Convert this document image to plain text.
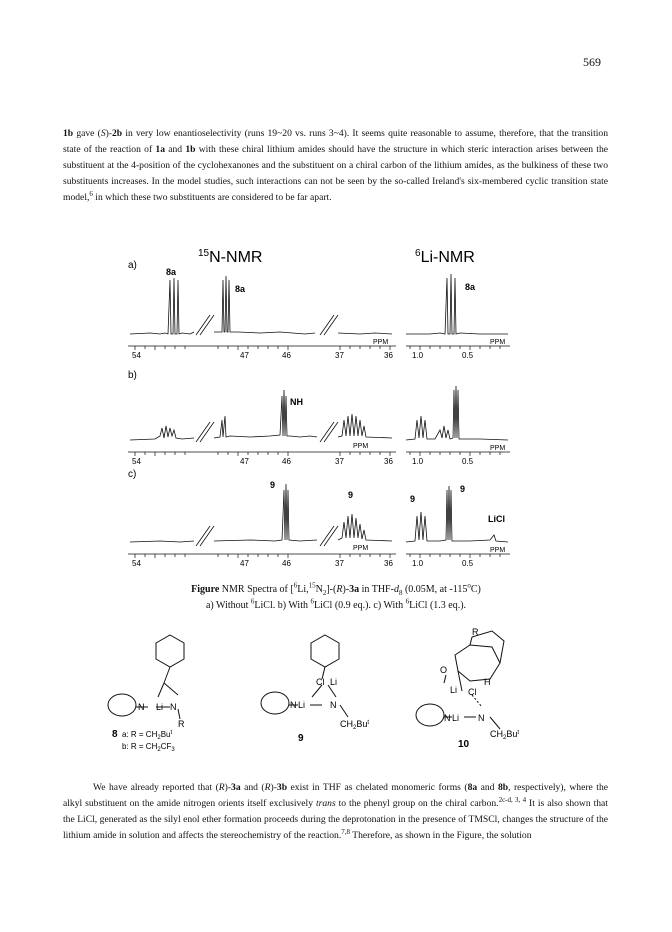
569

1b gave (S)-2b in very low enantioselectivity (runs 19~20 vs. runs 3~4). It seems quite reasonable to assume, therefore, that the transition state of the reaction of 1a and 1b with these chiral lithium amides should have the structure in which steric interaction arises between the substituent at the 4-position of the cyclohexanones and the substituent on a chiral carbon of the lithium amides, as the bulkiness of these two substituents increases. In the model studies, such interactions can not be seen by the so-called Ireland's six-membered cyclic transition state model,$^6$ in which these two substituents are considered to be far apart.

$^{15}$N-NMR	$^6$Li-NMR
a)
b)
c)
8a
8a	8a
PPM	PPM
54	47	46	37	36 1.0	0.5
NH
PPM	PPM
54	47	46	37	36 1.0	0.5
9
9	9
9
LiCl
PPM	PPM
54	47	46	37	36 1.0	0.5
Figure NMR Spectra of $[^6Li,^{15}N_2]-(R)-3a$ in THF-$d_8$ (0.05M, at -115$^o$C)
a) Without $^6$LiCl. b) With $^6$LiCl (0.9 eq.). c) With $^6$LiCl (1.3 eq.).
N Li N
R
Cl Li
N Li	N
$CH_2Bu^t$
R
O
Li Cl
H
N Li N
$CH_2Bu^t$
8 a: $R = CH_2Bu^t$
b: $R = CH_2CF_3$
9
10

We have already reported that (R)-3a and (R)-3b exist in THF as chelated monomeric forms (8a and 8b, respectively), where the alkyl substituent on the amide nitrogen orients itself exclusively trans to the phenyl group on the chiral carbon.$^{2c-d, 3, 4}$ It is also shown that the LiCl, generated as the silyl enol ether formation proceeds during the deprotonation in the presence of TMSCl, changes the structure of the lithium amide in solution and affects the stereochemistry of the reaction.$^{7,8}$ Therefore, as shown in the Figure, the solution
